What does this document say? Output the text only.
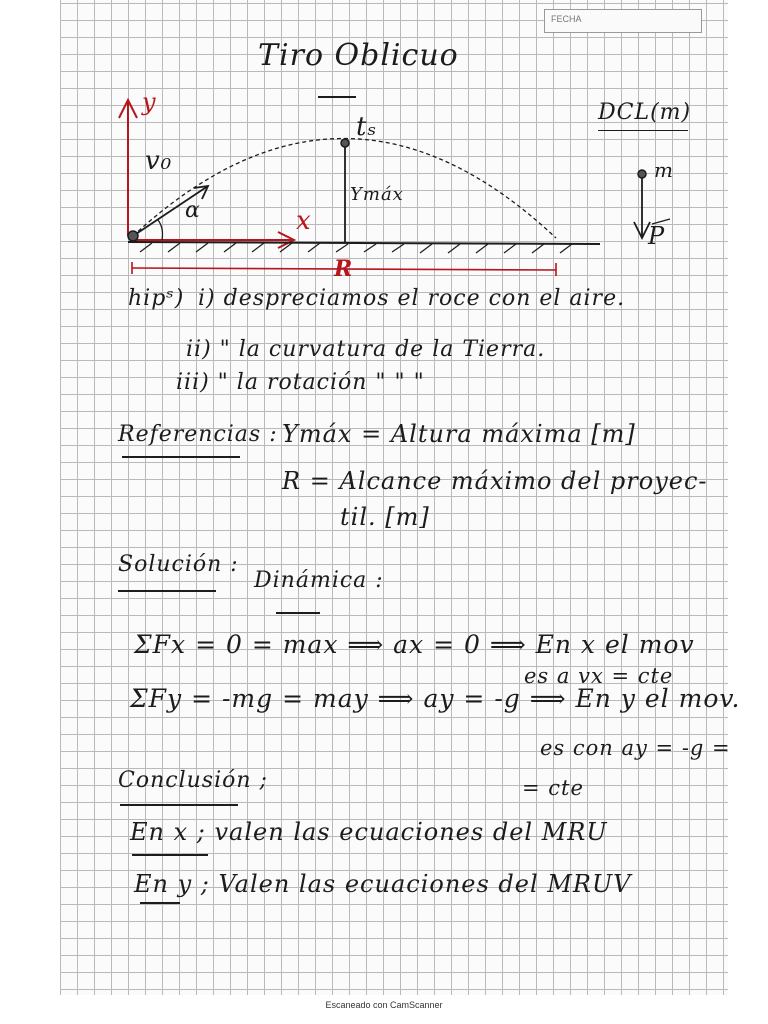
FECHA
Tiro Oblicuo
y
x
v₀
α
tₛ
Ymáx
R
DCL(m)
m
P
hipˢ) i) despreciamos el roce con el aire.
ii) " la curvatura de la Tierra.
iii) " la rotación " " "
Referencias : Ymáx = Altura máxima [m]
R = Alcance máximo del proyec-
til. [m]
Solución :
Dinámica :
ΣFx = 0 = max ⟹ ax = 0 ⟹ En x el mov
es a vx = cte
ΣFy = -mg = may ⟹ ay = -g ⟹ En y el mov.
es con ay = -g =
= cte
Conclusión ;
En x ; valen las ecuaciones del MRU
En y ; Valen las ecuaciones del MRUV
Escaneado con CamScanner
